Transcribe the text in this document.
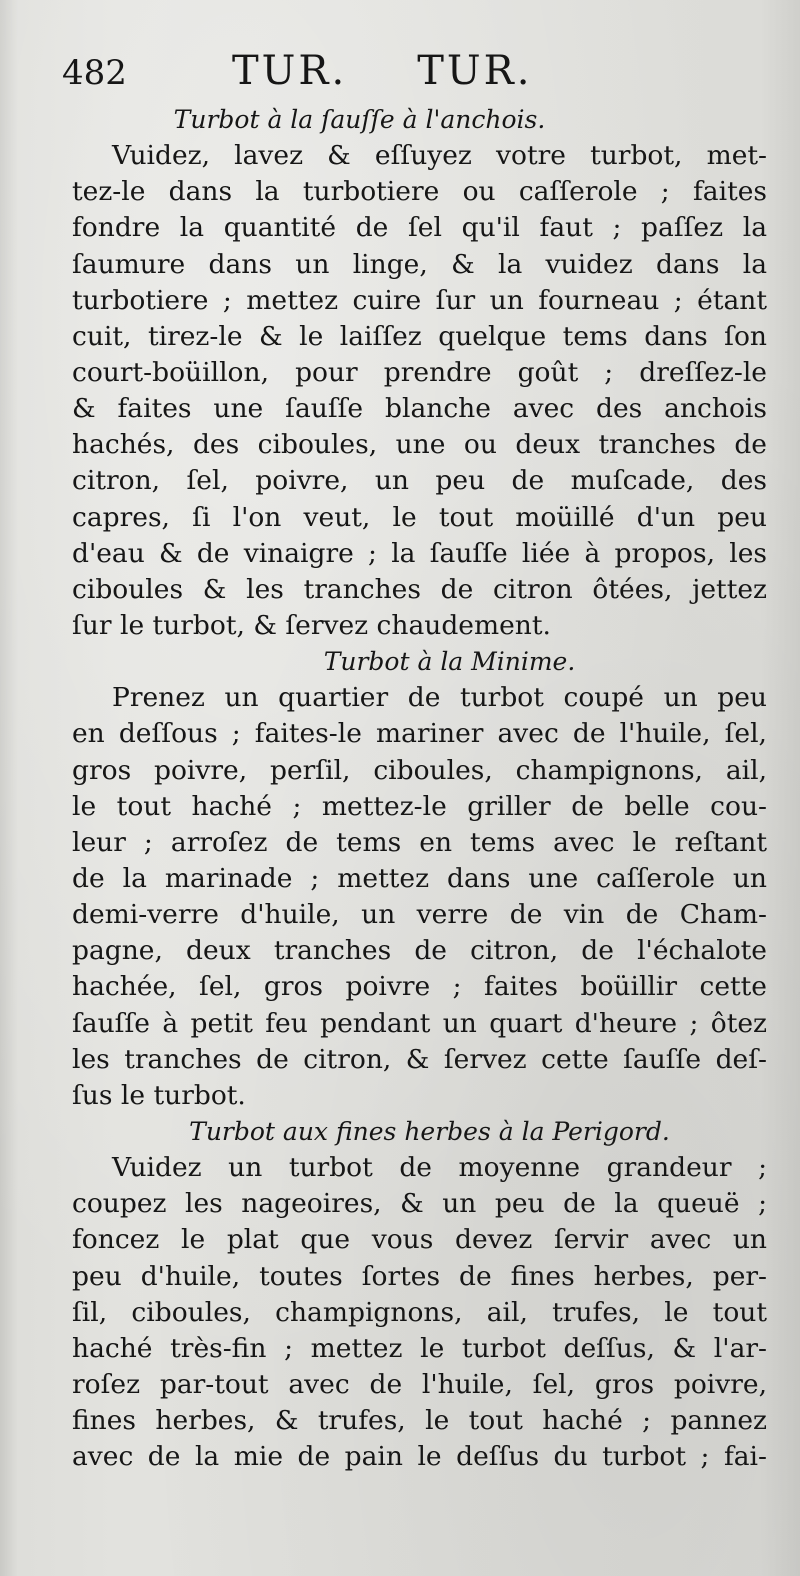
482	TUR. TUR.
Turbot à la ſauſſe à l'anchois.
Vuidez, lavez & eſſuyez votre turbot, met-
tez-le dans la turbotiere ou caſſerole ; faites
fondre la quantité de ſel qu'il faut ; paſſez la
ſaumure dans un linge, & la vuidez dans la
turbotiere ; mettez cuire ſur un fourneau ; étant
cuit, tirez-le & le laiſſez quelque tems dans ſon
court-boüillon, pour prendre goût ; dreſſez-le
& faites une ſauſſe blanche avec des anchois
hachés, des ciboules, une ou deux tranches de
citron, ſel, poivre, un peu de muſcade, des
capres, ſi l'on veut, le tout moüillé d'un peu
d'eau & de vinaigre ; la ſauſſe liée à propos, les
ciboules & les tranches de citron ôtées, jettez
ſur le turbot, & ſervez chaudement.
Turbot à la Minime.
Prenez un quartier de turbot coupé un peu
en deſſous ; faites-le mariner avec de l'huile, ſel,
gros poivre, perſil, ciboules, champignons, ail,
le tout haché ; mettez-le griller de belle cou-
leur ; arroſez de tems en tems avec le reſtant
de la marinade ; mettez dans une caſſerole un
demi-verre d'huile, un verre de vin de Cham-
pagne, deux tranches de citron, de l'échalote
hachée, ſel, gros poivre ; faites boüillir cette
ſauſſe à petit feu pendant un quart d'heure ; ôtez
les tranches de citron, & ſervez cette ſauſſe deſ-
ſus le turbot.
Turbot aux fines herbes à la Perigord.
Vuidez un turbot de moyenne grandeur ;
coupez les nageoires, & un peu de la queuë ;
foncez le plat que vous devez ſervir avec un
peu d'huile, toutes ſortes de fines herbes, per-
ſil, ciboules, champignons, ail, trufes, le tout
haché très-fin ; mettez le turbot deſſus, & l'ar-
roſez par-tout avec de l'huile, ſel, gros poivre,
fines herbes, & trufes, le tout haché ; pannez
avec de la mie de pain le deſſus du turbot ; fai-
